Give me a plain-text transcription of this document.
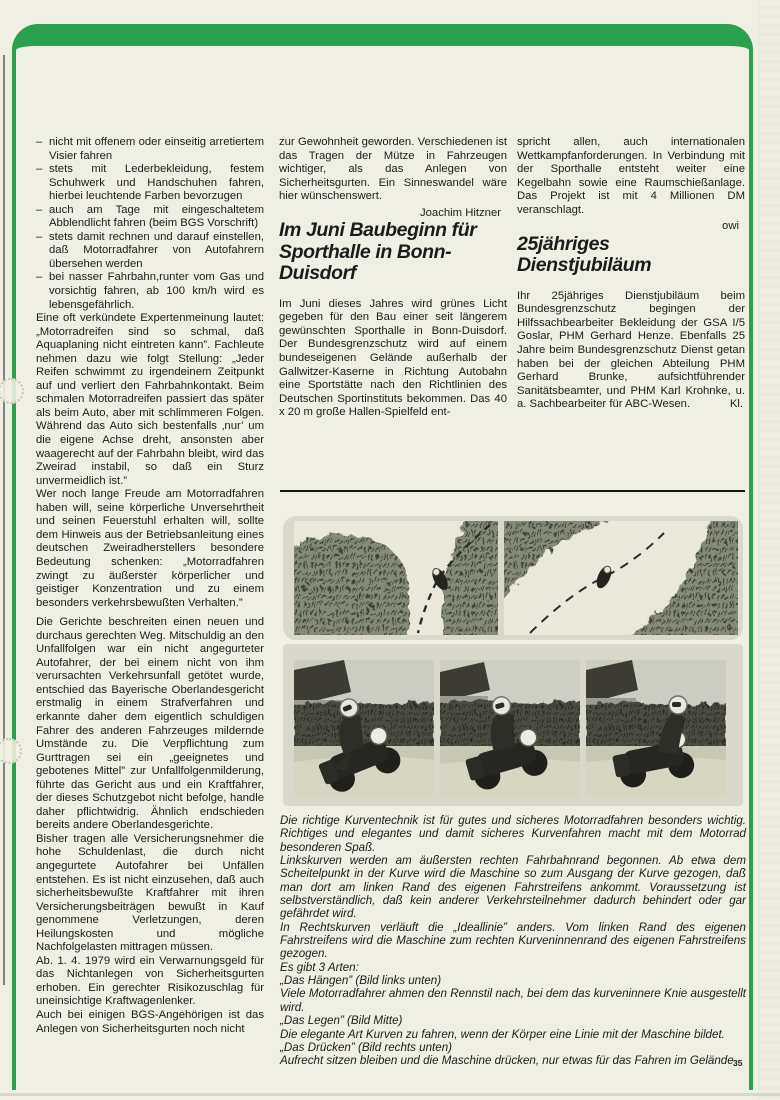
– nicht mit offenem oder einseitig arretiertem Visier fahren
– stets mit Lederbekleidung, festem Schuhwerk und Handschuhen fahren, hierbei leuchtende Farben bevorzugen
– auch am Tage mit eingeschaltetem Abblendlicht fahren (beim BGS Vorschrift)
– stets damit rechnen und darauf einstellen, daß Motorradfahrer von Autofahrern übersehen werden
– bei nasser Fahrbahn,runter vom Gas und vorsichtig fahren, ab 100 km/h wird es lebensgefährlich.

Eine oft verkündete Expertenmeinung lautet: „Motorradreifen sind so schmal, daß Aquaplaning nicht eintreten kann”. Fachleute nehmen dazu wie folgt Stellung: „Jeder Reifen schwimmt zu irgendeinem Zeitpunkt auf und verliert den Fahrbahnkontakt. Beim schmalen Motorradreifen passiert das später als beim Auto, aber mit schlimmeren Folgen. Während das Auto sich bestenfalls ‚nur’ um die eigene Achse dreht, ansonsten aber waagerecht auf der Fahrbahn bleibt, wird das Zweirad instabil, so daß ein Sturz unvermeidlich ist.”

Wer noch lange Freude am Motorradfahren haben will, seine körperliche Unversehrtheit und seinen Feuerstuhl erhalten will, sollte dem Hinweis aus der Betriebsanleitung eines deutschen Zweiradherstellers besondere Bedeutung schenken: „Motorradfahren zwingt zu äußerster körperlicher und geistiger Konzentration und zu einem besonders verkehrsbewußten Verhalten.”

Die Gerichte beschreiten einen neuen und durchaus gerechten Weg. Mitschuldig an den Unfallfolgen war ein nicht angegurteter Autofahrer, der bei einem nicht von ihm verursachten Verkehrsunfall getötet wurde, entschied das Bayerische Oberlandesgericht erstmalig in einem Strafverfahren und erkannte daher dem eigentlich schuldigen Fahrer des anderen Fahrzeuges mildernde Umstände zu. Die Verpflichtung zum Gurttragen sei ein „geeignetes und gebotenes Mittel” zur Unfallfolgenmilderung, führte das Gericht aus und ein Kraftfahrer, der dieses Schutzgebot nicht befolge, handle daher pflichtwidrig. Ähnlich endschieden bereits andere Oberlandesgerichte.

Bisher tragen alle Versicherungsnehmer die hohe Schuldenlast, die durch nicht angegurtete Autofahrer bei Unfällen entstehen. Es ist nicht einzusehen, daß auch sicherheitsbewußte Kraftfahrer mit ihren Versicherungsbeiträgen bewußt in Kauf genommene Verletzungen, deren Heilungskosten und mögliche Nachfolgelasten mittragen müssen.

Ab. 1. 4. 1979 wird ein Verwarnungsgeld für das Nichtanlegen von Sicherheitsgurten erhoben. Ein gerechter Risikozuschlag für uneinsichtige Kraftwagenlenker.

Auch bei einigen BGS-Angehörigen ist das Anlegen von Sicherheitsgurten noch nicht

zur Gewohnheit geworden. Verschiedenen ist das Tragen der Mütze in Fahrzeugen wichtiger, als das Anlegen von Sicherheitsgurten. Ein Sinneswandel wäre hier wünschenswert.

Joachim Hitzner
Im Juni Baubeginn für Sporthalle in Bonn-Duisdorf

Im Juni dieses Jahres wird grünes Licht gegeben für den Bau einer seit längerem gewünschten Sporthalle in Bonn-Duisdorf. Der Bundesgrenzschutz wird auf einem bundeseigenen Gelände außerhalb der Gallwitzer-Kaserne in Richtung Autobahn eine Sportstätte nach den Richtlinien des Deutschen Sportinstituts bekommen. Das 40 x 20 m große Hallen-Spielfeld ent-

spricht allen, auch internationalen Wettkampfanforderungen. In Verbindung mit der Sporthalle entsteht weiter eine Kegelbahn sowie eine Raumschießanlage. Das Projekt ist mit 4 Millionen DM veranschlagt.

owi
25jähriges Dienstjubiläum

Ihr 25jähriges Dienstjubiläum beim Bundesgrenzschutz begingen der Hilfssachbearbeiter Bekleidung der GSA I/5 Goslar, PHM Gerhard Henze. Ebenfalls 25 Jahre beim Bundesgrenzschutz Dienst getan haben bei der gleichen Abteilung PHM Gerhard Brunke, aufsichtführender Sanitätsbeamter, und PHM Karl Krohnke, u. a. Sachbearbeiter für ABC-Wesen.	Kl.

Die richtige Kurventechnik ist für gutes und sicheres Motorradfahren besonders wichtig. Richtiges und elegantes und damit sicheres Kurvenfahren macht mit dem Motorrad besonderen Spaß.

Linkskurven werden am äußersten rechten Fahrbahnrand begonnen. Ab etwa dem Scheitelpunkt in der Kurve wird die Maschine so zum Ausgang der Kurve gezogen, daß man dort am linken Rand des eigenen Fahrstreifens ankommt. Voraussetzung ist selbstverständlich, daß kein anderer Verkehrsteilnehmer dadurch behindert oder gar gefährdet wird.

In Rechtskurven verläuft die „Ideallinie” anders. Vom linken Rand des eigenen Fahrstreifens wird die Maschine zum rechten Kurveninnenrand des eigenen Fahrstreifens gezogen.

Es gibt 3 Arten:

„Das Hängen” (Bild links unten)

Viele Motorradfahrer ahmen den Rennstil nach, bei dem das kurveninnere Knie ausgestellt wird.

„Das Legen” (Bild Mitte)

Die elegante Art Kurven zu fahren, wenn der Körper eine Linie mit der Maschine bildet.

„Das Drücken” (Bild rechts unten)

Aufrecht sitzen bleiben und die Maschine drücken, nur etwas für das Fahren im Gelände 35
